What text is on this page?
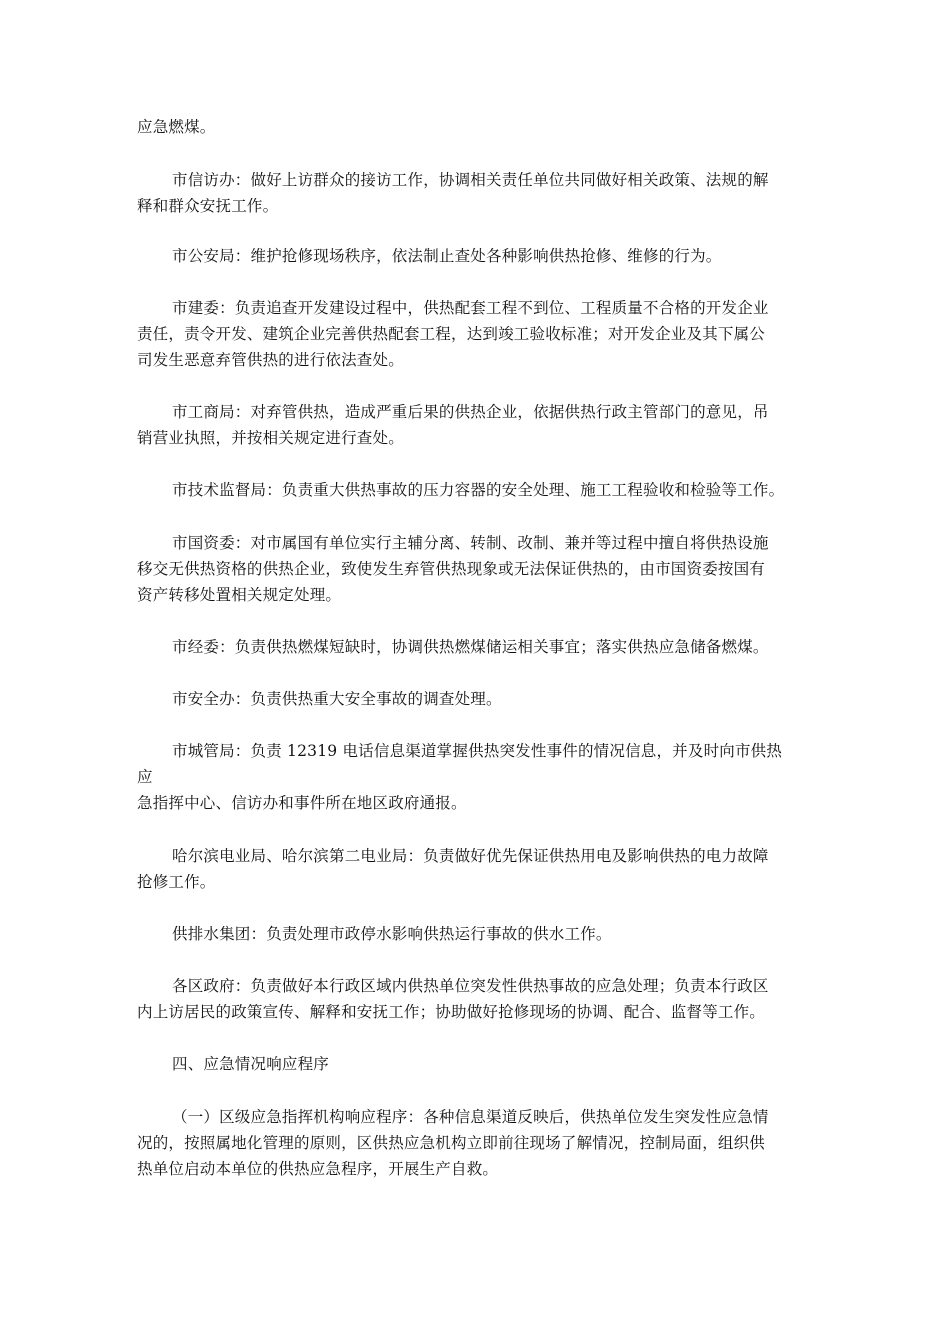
应急燃煤。
市信访办：做好上访群众的接访工作，协调相关责任单位共同做好相关政策、法规的解
释和群众安抚工作。
市公安局：维护抢修现场秩序，依法制止查处各种影响供热抢修、维修的行为。
市建委：负责追查开发建设过程中，供热配套工程不到位、工程质量不合格的开发企业
责任，责令开发、建筑企业完善供热配套工程，达到竣工验收标准；对开发企业及其下属公
司发生恶意弃管供热的进行依法查处。
市工商局：对弃管供热，造成严重后果的供热企业，依据供热行政主管部门的意见，吊
销营业执照，并按相关规定进行查处。
市技术监督局：负责重大供热事故的压力容器的安全处理、施工工程验收和检验等工作。
市国资委：对市属国有单位实行主辅分离、转制、改制、兼并等过程中擅自将供热设施
移交无供热资格的供热企业，致使发生弃管供热现象或无法保证供热的，由市国资委按国有
资产转移处置相关规定处理。
市经委：负责供热燃煤短缺时，协调供热燃煤储运相关事宜；落实供热应急储备燃煤。
市安全办：负责供热重大安全事故的调查处理。
市城管局：负责 12319 电话信息渠道掌握供热突发性事件的情况信息，并及时向市供热
应
急指挥中心、信访办和事件所在地区政府通报。
哈尔滨电业局、哈尔滨第二电业局：负责做好优先保证供热用电及影响供热的电力故障
抢修工作。
供排水集团：负责处理市政停水影响供热运行事故的供水工作。
各区政府：负责做好本行政区域内供热单位突发性供热事故的应急处理；负责本行政区
内上访居民的政策宣传、解释和安抚工作；协助做好抢修现场的协调、配合、监督等工作。
四、应急情况响应程序
（一）区级应急指挥机构响应程序：各种信息渠道反映后，供热单位发生突发性应急情
况的，按照属地化管理的原则，区供热应急机构立即前往现场了解情况，控制局面，组织供
热单位启动本单位的供热应急程序，开展生产自救。
